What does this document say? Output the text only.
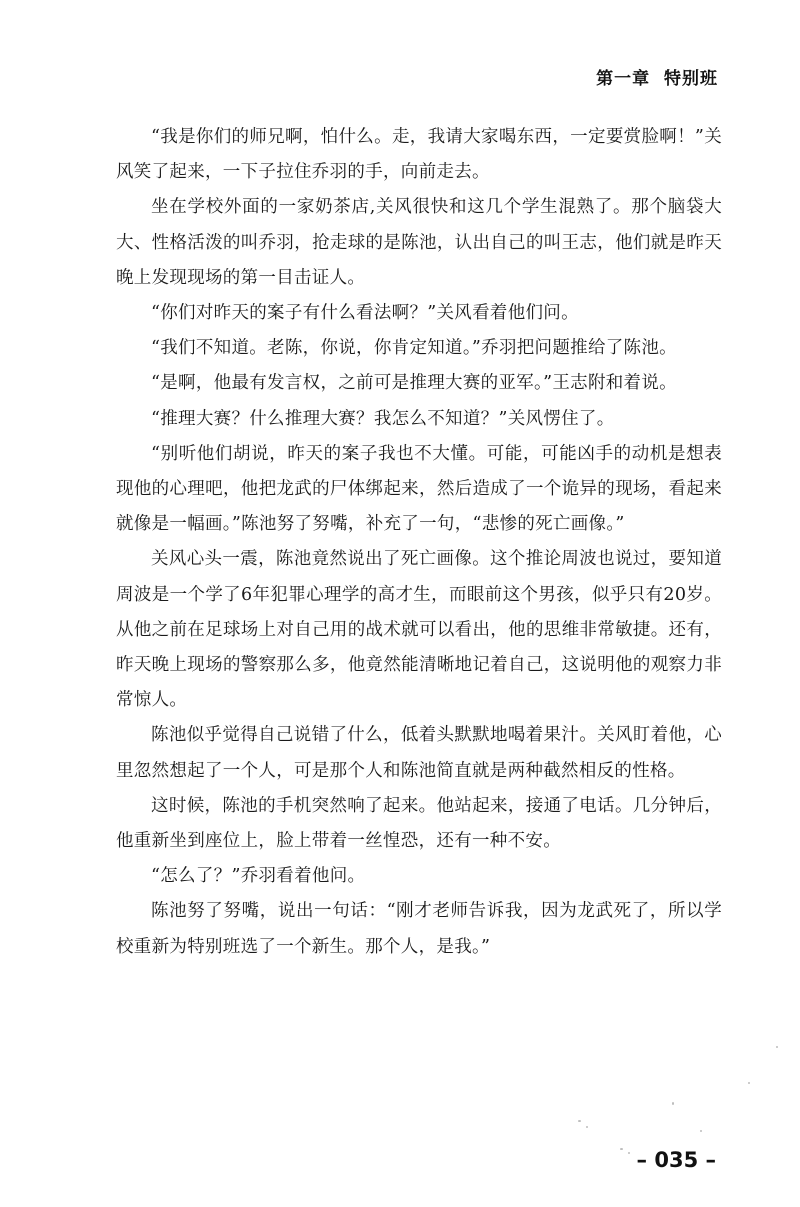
第一章 特别班

“我是你们的师兄啊，怕什么。走，我请大家喝东西，一定要赏脸啊！”关风笑了起来，一下子拉住乔羽的手，向前走去。

坐在学校外面的一家奶茶店,关风很快和这几个学生混熟了。那个脑袋大大、性格活泼的叫乔羽，抢走球的是陈池，认出自己的叫王志，他们就是昨天晚上发现现场的第一目击证人。

“你们对昨天的案子有什么看法啊？”关风看着他们问。

“我们不知道。老陈，你说，你肯定知道。”乔羽把问题推给了陈池。

“是啊，他最有发言权，之前可是推理大赛的亚军。”王志附和着说。

“推理大赛？什么推理大赛？我怎么不知道？”关风愣住了。

“别听他们胡说，昨天的案子我也不大懂。可能，可能凶手的动机是想表现他的心理吧，他把龙武的尸体绑起来，然后造成了一个诡异的现场，看起来就像是一幅画。”陈池努了努嘴，补充了一句，“悲惨的死亡画像。”

关风心头一震，陈池竟然说出了死亡画像。这个推论周波也说过，要知道周波是一个学了6年犯罪心理学的高才生，而眼前这个男孩，似乎只有20岁。从他之前在足球场上对自己用的战术就可以看出，他的思维非常敏捷。还有，昨天晚上现场的警察那么多，他竟然能清晰地记着自己，这说明他的观察力非常惊人。

陈池似乎觉得自己说错了什么，低着头默默地喝着果汁。关风盯着他，心里忽然想起了一个人，可是那个人和陈池简直就是两种截然相反的性格。

这时候，陈池的手机突然响了起来。他站起来，接通了电话。几分钟后，他重新坐到座位上，脸上带着一丝惶恐，还有一种不安。

“怎么了？”乔羽看着他问。

陈池努了努嘴，说出一句话：“刚才老师告诉我，因为龙武死了，所以学校重新为特别班选了一个新生。那个人，是我。”

– 035 –
